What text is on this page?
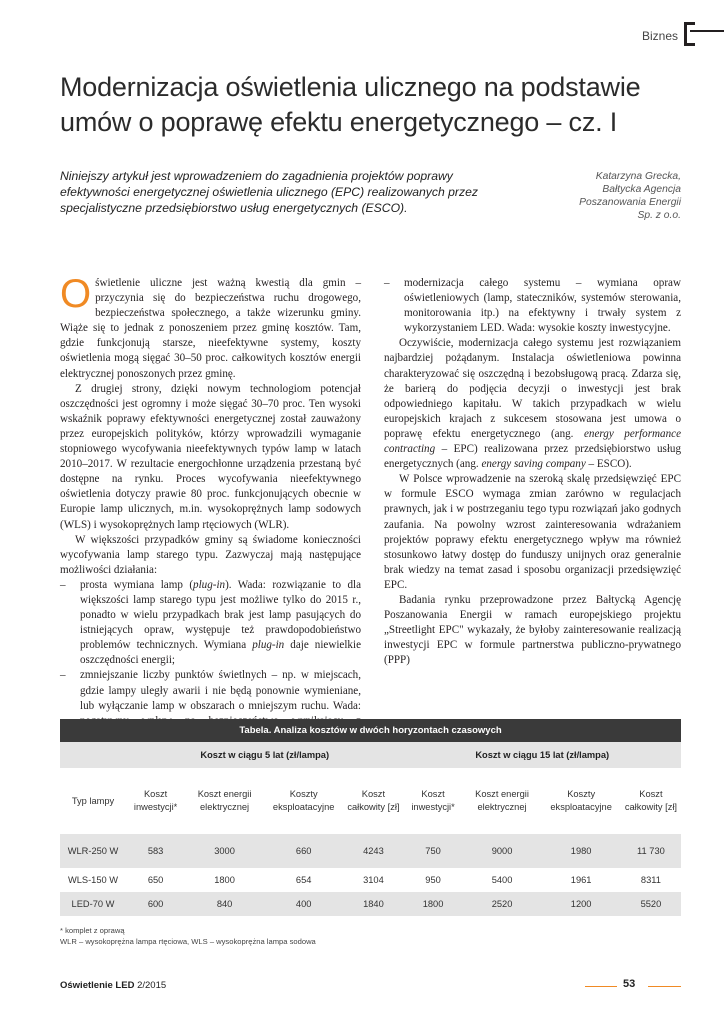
Biznes
Modernizacja oświetlenia ulicznego na podstawie umów o poprawę efektu energetycznego – cz. I
Niniejszy artykuł jest wprowadzeniem do zagadnienia projektów poprawy efektywności energetycznej oświetlenia ulicznego (EPC) realizowanych przez specjalistyczne przedsiębiorstwo usług energetycznych (ESCO).
Katarzyna Grecka,
Bałtycka Agencja
Poszanowania Energii
Sp. z o.o.

Oświetlenie uliczne jest ważną kwestią dla gmin – przyczynia się do bezpieczeństwa ruchu drogowego, bezpieczeństwa społecznego, a także wizerunku gminy. Wiąże się to jednak z ponoszeniem przez gminę kosztów. Tam, gdzie funkcjonują starsze, nieefektywne systemy, koszty oświetlenia mogą sięgać 30–50 proc. całkowitych kosztów energii elektrycznej ponoszonych przez gminę.

Z drugiej strony, dzięki nowym technologiom potencjał oszczędności jest ogromny i może sięgać 30–70 proc. Ten wysoki wskaźnik poprawy efektywności energetycznej został zauważony przez europejskich polityków, którzy wprowadzili wymaganie stopniowego wycofywania nieefektywnych typów lamp w latach 2010–2017. W rezultacie energochłonne urządzenia przestaną być dostępne na rynku. Proces wycofywania nieefektywnego oświetlenia dotyczy prawie 80 proc. funkcjonujących obecnie w Europie lamp ulicznych, m.in. wysokoprężnych lamp sodowych (WLS) i wysokoprężnych lamp rtęciowych (WLR).

W większości przypadków gminy są świadome konieczności wycofywania lamp starego typu. Zazwyczaj mają następujące możliwości działania:

– prosta wymiana lamp (plug-in). Wada: rozwiązanie to dla większości lamp starego typu jest możliwe tylko do 2015 r., ponadto w wielu przypadkach brak jest lamp pasujących do istniejących opraw, występuje też prawdopodobieństwo problemów technicznych. Wymiana plug-in daje niewielkie oszczędności energii;

– zmniejszanie liczby punktów świetlnych – np. w miejscach, gdzie lampy uległy awarii i nie będą ponownie wymieniane, lub wyłączanie lamp w obszarach o mniejszym ruchu. Wada:

– modernizacja całego systemu – wymiana opraw oświetleniowych (lamp, stateczników, systemów sterowania, monitorowania itp.) na efektywny i trwały system z wykorzystaniem LED. Wada: wysokie koszty inwestycyjne.

Oczywiście, modernizacja całego systemu jest rozwiązaniem najbardziej pożądanym. Instalacja oświetleniowa powinna charakteryzować się oszczędną i bezobsługową pracą. Zdarza się, że barierą do podjęcia decyzji o inwestycji jest brak odpowiedniego kapitału. W takich przypadkach w wielu europejskich krajach z sukcesem stosowana jest umowa o poprawę efektu energetycznego (ang. energy performance contracting – EPC) realizowana przez przedsiębiorstwo usług energetycznych (ang. energy saving company – ESCO).

W Polsce wprowadzenie na szeroką skalę przedsięwzięć EPC w formule ESCO wymaga zmian zarówno w regulacjach prawnych, jak i w postrzeganiu tego typu rozwiązań jako godnych zaufania. Na powolny wzrost zainteresowania wdrażaniem projektów poprawy efektu energetycznego wpływ ma również stosunkowo łatwy dostęp do funduszy unijnych oraz generalnie brak wiedzy na temat zasad i sposobu organizacji przedsięwzięć EPC.

Badania rynku przeprowadzone przez Bałtycką Agencję Poszanowania Energii w ramach europejskiego projektu „Streetlight EPC" wykazały, że byłoby zainteresowanie realizacją inwestycji EPC w formule partnerstwa publiczno-prywatnego (PPP)

Tabela. Analiza kosztów w dwóch horyzontach czasowych								
	Koszt w ciągu 5 lat (zł/lampa)				Koszt w ciągu 15 lat (zł/lampa)			
Typ lampy	Koszt inwestycji*	Koszt energii elektrycznej	Koszty eksploatacyjne	Koszt całkowity [zł]	Koszt inwestycji*	Koszt energii elektrycznej	Koszty eksploatacyjne	Koszt całkowity [zł]
WLR-250 W	583	3000	660	4243	750	9000	1980	11 730
WLS-150 W	650	1800	654	3104	950	5400	1961	8311
LED-70 W	600	840	400	1840	1800	2520	1200	5520
* komplet z oprawą
WLR – wysokoprężna lampa rtęciowa, WLS – wysokoprężna lampa sodowa
Oświetlenie LED 2/2015	53
